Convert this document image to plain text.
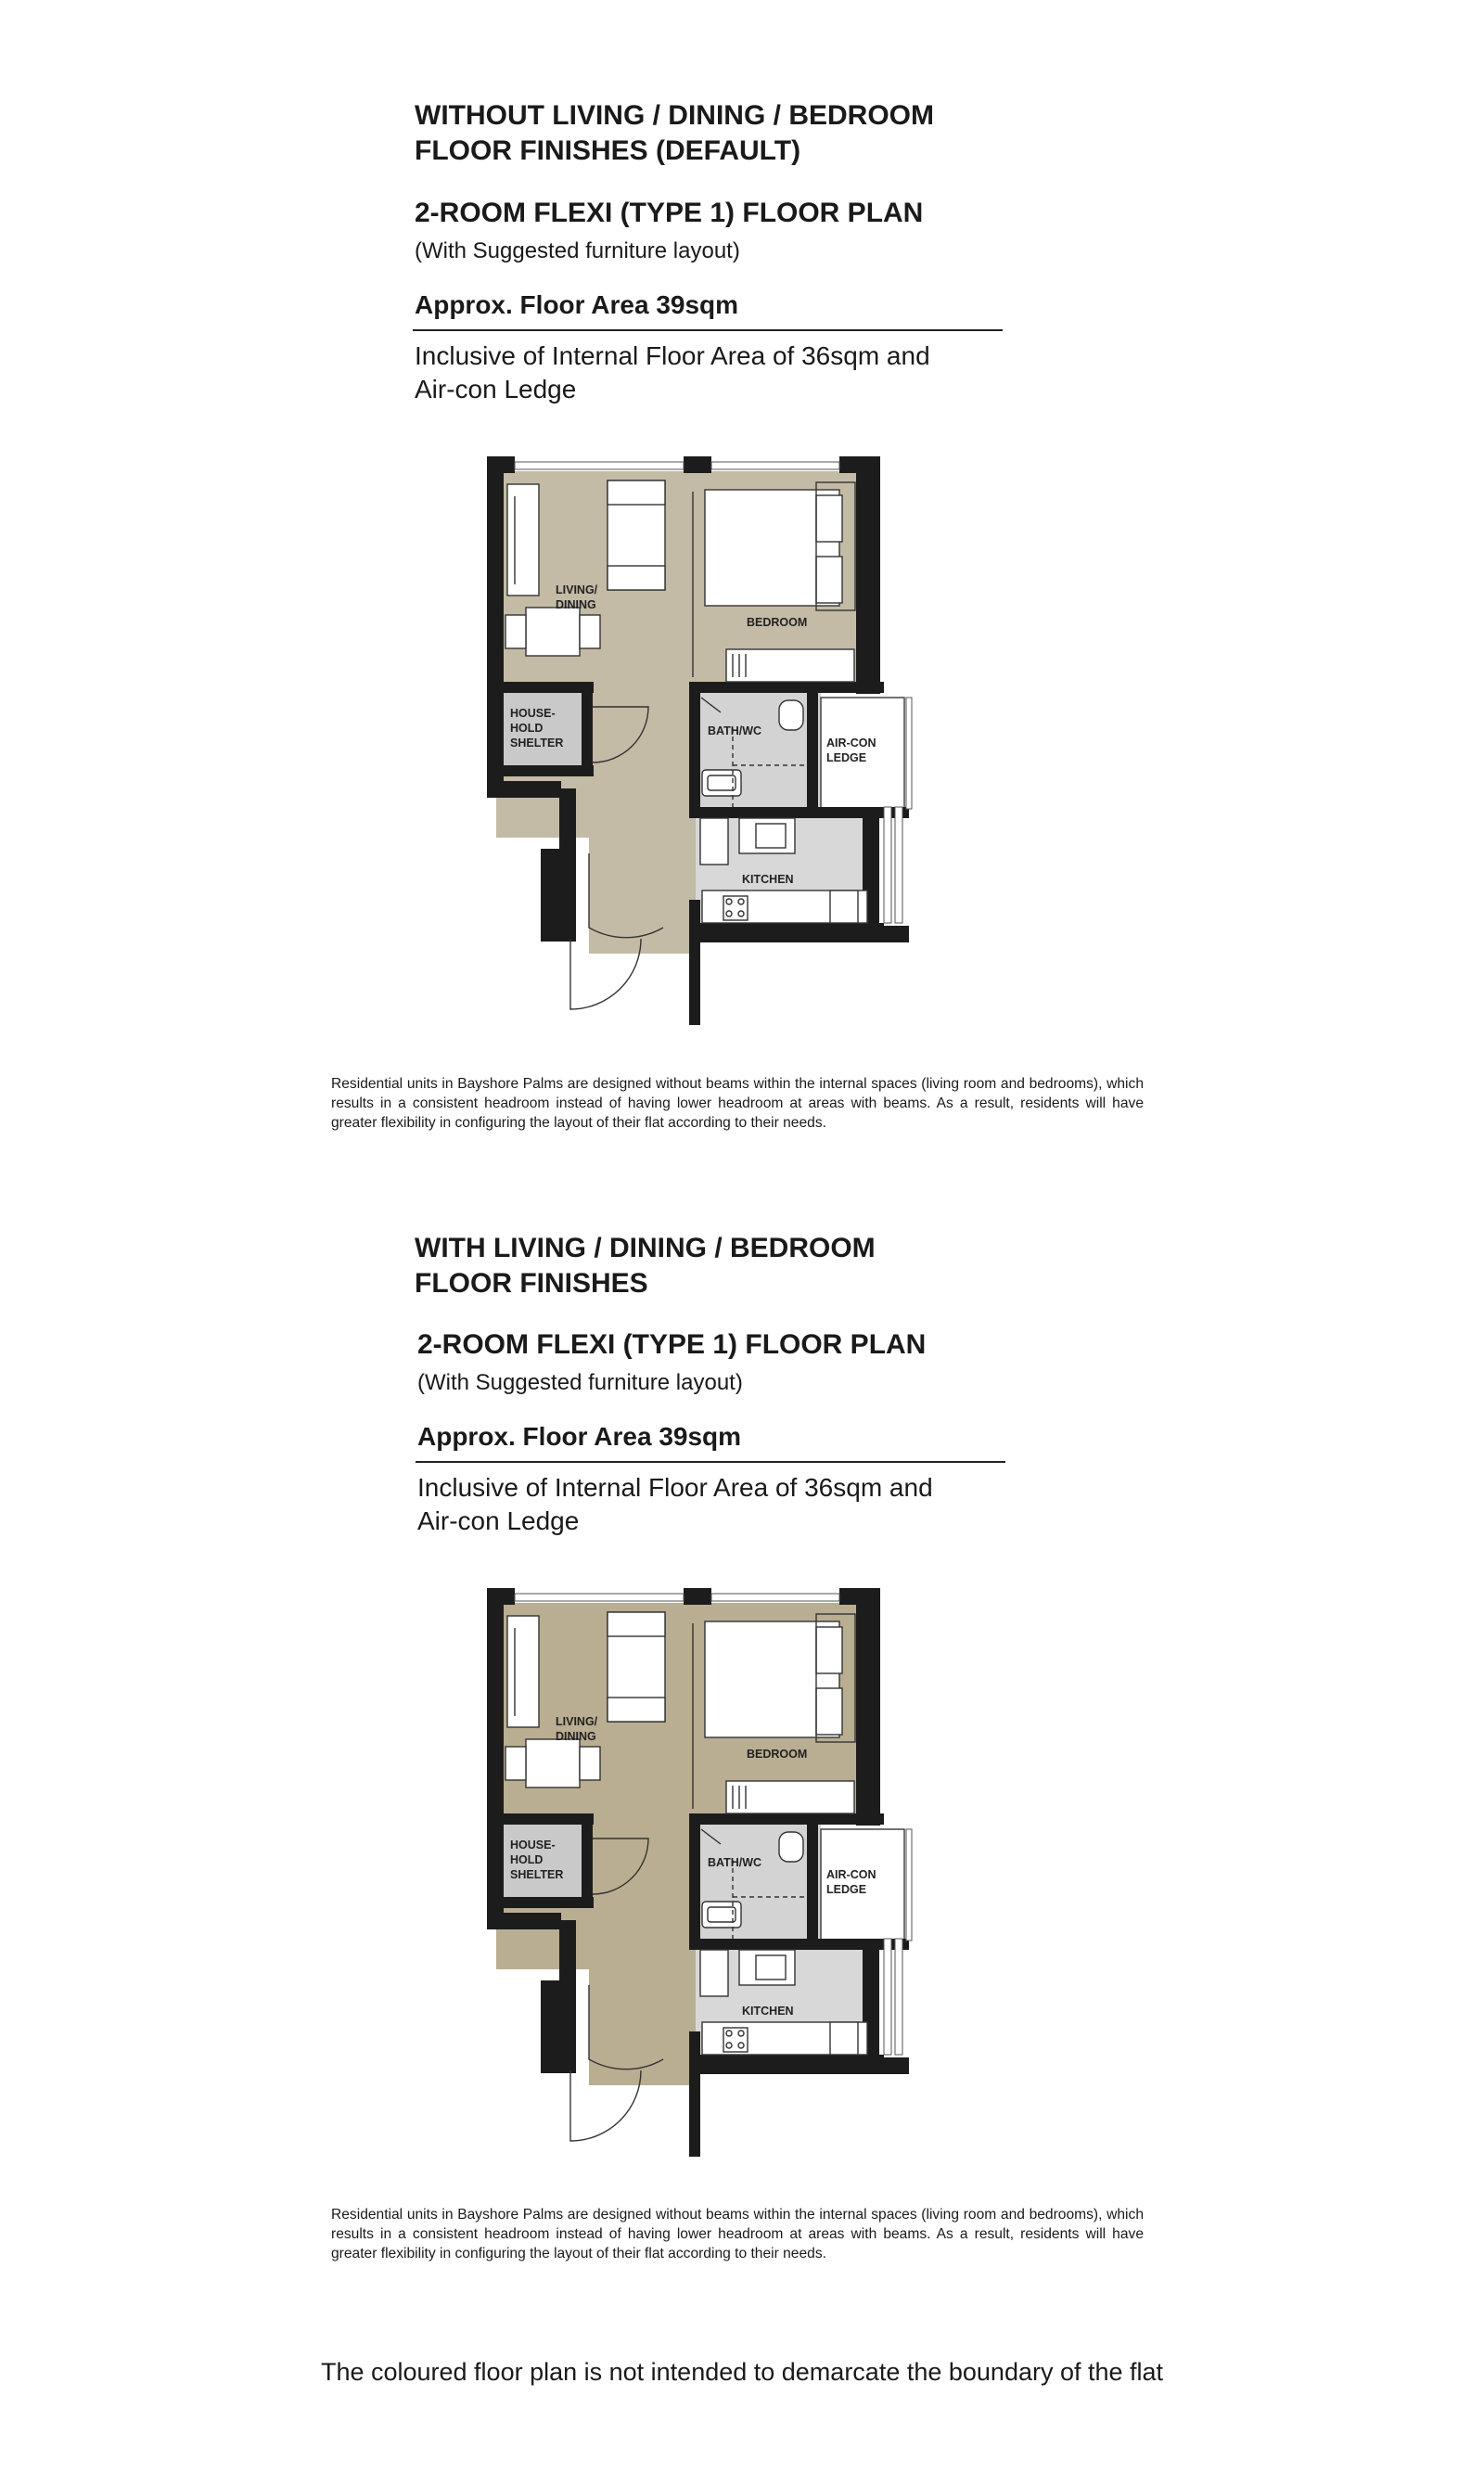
WITHOUT LIVING / DINING / BEDROOM
FLOOR FINISHES (DEFAULT)

2-ROOM FLEXI (TYPE 1) FLOOR PLAN

(With Suggested furniture layout)

Approx. Floor Area 39sqm

Inclusive of Internal Floor Area of 36sqm and
Air-con Ledge

LIVING/
DINING
BEDROOM
HOUSE-
HOLD
SHELTER
BATH/WC
AIR-CON
LEDGE
KITCHEN

Residential units in Bayshore Palms are designed without beams within the internal spaces (living room and bedrooms), which results in a consistent headroom instead of having lower headroom at areas with beams. As a result, residents will have greater flexibility in configuring the layout of their flat according to their needs.

WITH LIVING / DINING / BEDROOM
FLOOR FINISHES

2-ROOM FLEXI (TYPE 1) FLOOR PLAN

(With Suggested furniture layout)

Approx. Floor Area 39sqm

Inclusive of Internal Floor Area of 36sqm and
Air-con Ledge

LIVING/
DINING
BEDROOM
HOUSE-
HOLD
SHELTER
BATH/WC
AIR-CON
LEDGE
KITCHEN

Residential units in Bayshore Palms are designed without beams within the internal spaces (living room and bedrooms), which results in a consistent headroom instead of having lower headroom at areas with beams. As a result, residents will have greater flexibility in configuring the layout of their flat according to their needs.

The coloured floor plan is not intended to demarcate the boundary of the flat
